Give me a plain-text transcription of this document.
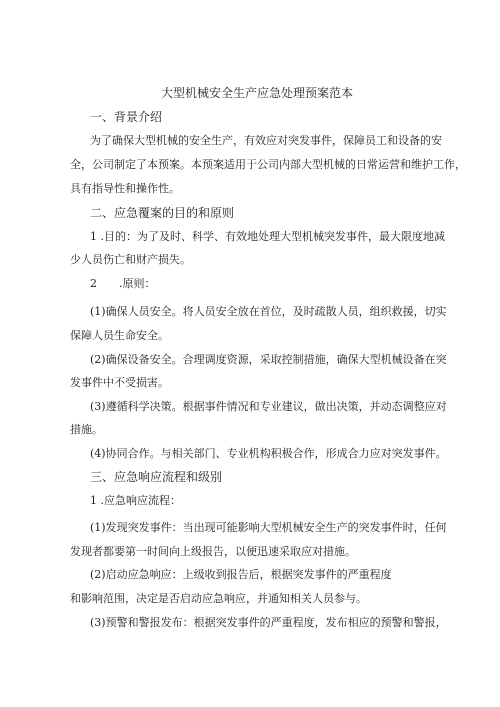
大型机械安全生产应急处理预案范本
一、背景介绍
为了确保大型机械的安全生产，有效应对突发事件，保障员工和设备的安
全，公司制定了本预案。本预案适用于公司内部大型机械的日常运营和维护工作，
具有指导性和操作性。
二、应急覆案的目的和原则
1 .目的：为了及时、科学、有效地处理大型机械突发事件，最大限度地减
少人员伤亡和财产损失。
2　　.原则：
(1)确保人员安全。将人员安全放在首位，及时疏散人员，组织救援，切实
保障人员生命安全。
(2)确保设备安全。合理调度资源，采取控制措施，确保大型机械设备在突
发事件中不受损害。
(3)遵循科学决策。根据事件情况和专业建议，做出决策，并动态调整应对
措施。
(4)协同合作。与相关部门、专业机构积极合作，形成合力应对突发事件。
三、应急响应流程和级别
1 .应急响应流程：
(1)发现突发事件：当出现可能影响大型机械安全生产的突发事件时，任何
发现者都要第一时间向上级报告，以便迅速采取应对措施。
(2)启动应急响应：上级收到报告后，根据突发事件的严重程度
和影响范围，决定是否启动应急响应，并通知相关人员参与。
(3)预警和警报发布：根据突发事件的严重程度，发布相应的预警和警报，
